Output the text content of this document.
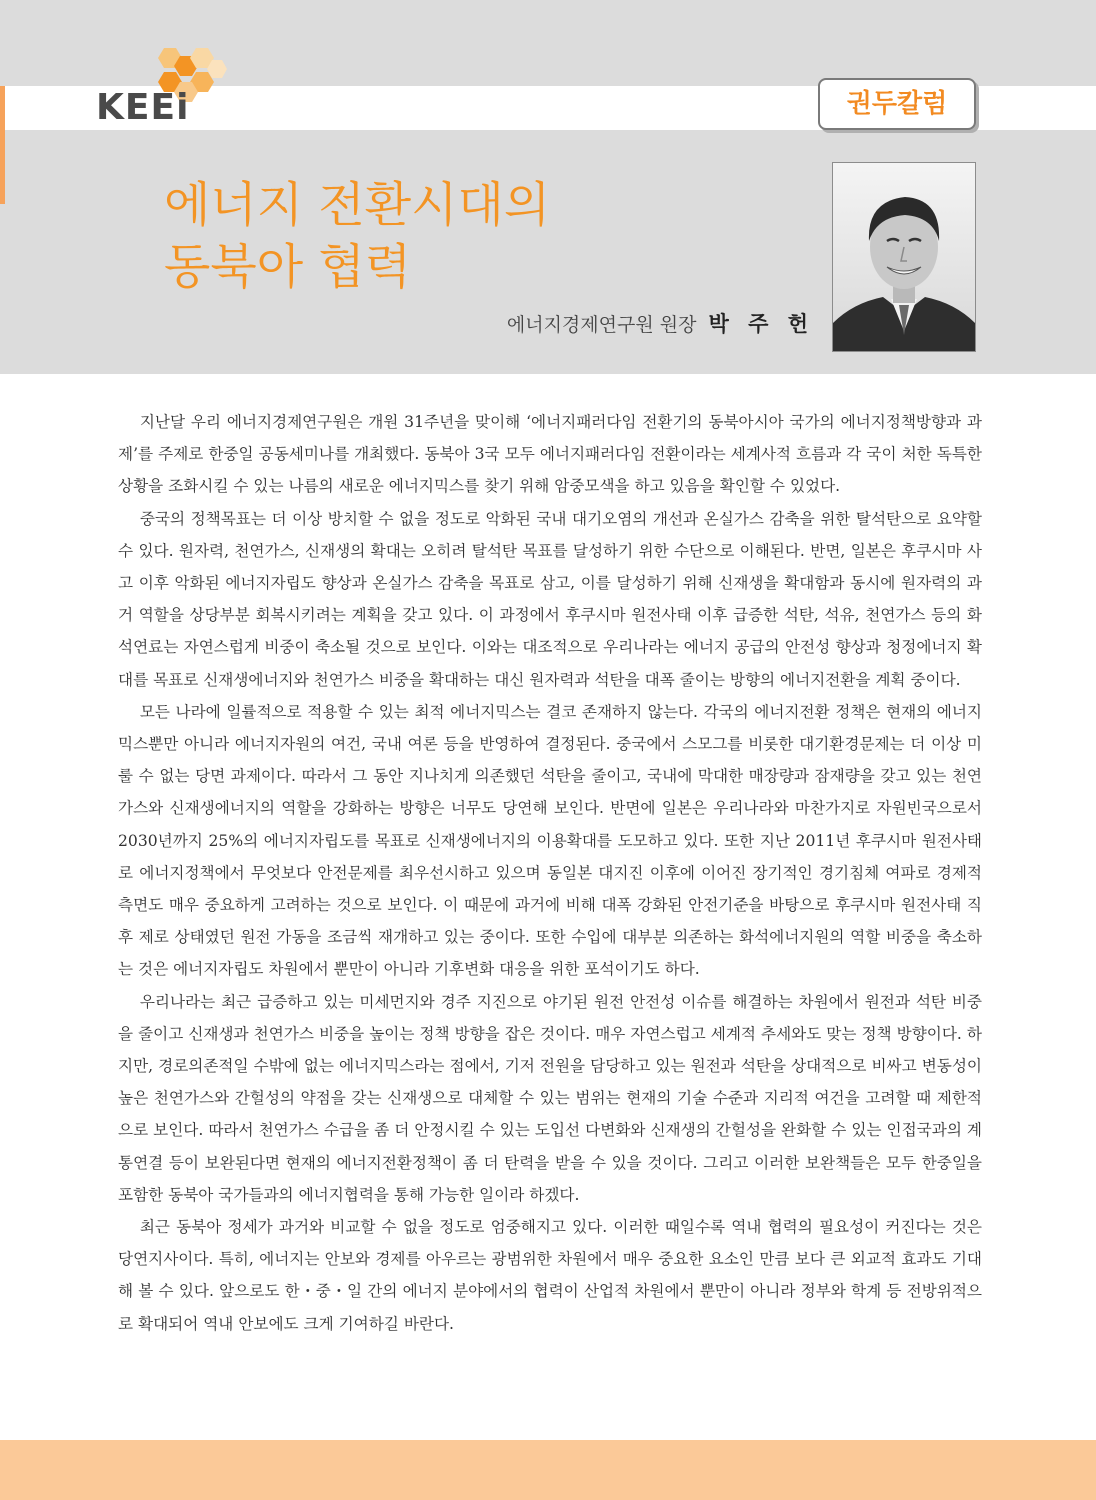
KEEi	권두칼럼
에너지 전환시대의
동북아 협력
에너지경제연구원 원장 박 주 헌

지난달 우리 에너지경제연구원은 개원 31주년을 맞이해 ‘에너지패러다임 전환기의 동북아시아 국가의 에너지정책방향과 과제’를 주제로 한중일 공동세미나를 개최했다. 동북아 3국 모두 에너지패러다임 전환이라는 세계사적 흐름과 각 국이 처한 독특한 상황을 조화시킬 수 있는 나름의 새로운 에너지믹스를 찾기 위해 암중모색을 하고 있음을 확인할 수 있었다.

중국의 정책목표는 더 이상 방치할 수 없을 정도로 악화된 국내 대기오염의 개선과 온실가스 감축을 위한 탈석탄으로 요약할 수 있다. 원자력, 천연가스, 신재생의 확대는 오히려 탈석탄 목표를 달성하기 위한 수단으로 이해된다. 반면, 일본은 후쿠시마 사고 이후 악화된 에너지자립도 향상과 온실가스 감축을 목표로 삼고, 이를 달성하기 위해 신재생을 확대함과 동시에 원자력의 과거 역할을 상당부분 회복시키려는 계획을 갖고 있다. 이 과정에서 후쿠시마 원전사태 이후 급증한 석탄, 석유, 천연가스 등의 화석연료는 자연스럽게 비중이 축소될 것으로 보인다. 이와는 대조적으로 우리나라는 에너지 공급의 안전성 향상과 청정에너지 확대를 목표로 신재생에너지와 천연가스 비중을 확대하는 대신 원자력과 석탄을 대폭 줄이는 방향의 에너지전환을 계획 중이다.

모든 나라에 일률적으로 적용할 수 있는 최적 에너지믹스는 결코 존재하지 않는다. 각국의 에너지전환 정책은 현재의 에너지믹스뿐만 아니라 에너지자원의 여건, 국내 여론 등을 반영하여 결정된다. 중국에서 스모그를 비롯한 대기환경문제는 더 이상 미룰 수 없는 당면 과제이다. 따라서 그 동안 지나치게 의존했던 석탄을 줄이고, 국내에 막대한 매장량과 잠재량을 갖고 있는 천연가스와 신재생에너지의 역할을 강화하는 방향은 너무도 당연해 보인다. 반면에 일본은 우리나라와 마찬가지로 자원빈국으로서 2030년까지 25%의 에너지자립도를 목표로 신재생에너지의 이용확대를 도모하고 있다. 또한 지난 2011년 후쿠시마 원전사태로 에너지정책에서 무엇보다 안전문제를 최우선시하고 있으며 동일본 대지진 이후에 이어진 장기적인 경기침체 여파로 경제적 측면도 매우 중요하게 고려하는 것으로 보인다. 이 때문에 과거에 비해 대폭 강화된 안전기준을 바탕으로 후쿠시마 원전사태 직후 제로 상태였던 원전 가동을 조금씩 재개하고 있는 중이다. 또한 수입에 대부분 의존하는 화석에너지원의 역할 비중을 축소하는 것은 에너지자립도 차원에서 뿐만이 아니라 기후변화 대응을 위한 포석이기도 하다.

우리나라는 최근 급증하고 있는 미세먼지와 경주 지진으로 야기된 원전 안전성 이슈를 해결하는 차원에서 원전과 석탄 비중을 줄이고 신재생과 천연가스 비중을 높이는 정책 방향을 잡은 것이다. 매우 자연스럽고 세계적 추세와도 맞는 정책 방향이다. 하지만, 경로의존적일 수밖에 없는 에너지믹스라는 점에서, 기저 전원을 담당하고 있는 원전과 석탄을 상대적으로 비싸고 변동성이 높은 천연가스와 간헐성의 약점을 갖는 신재생으로 대체할 수 있는 범위는 현재의 기술 수준과 지리적 여건을 고려할 때 제한적으로 보인다. 따라서 천연가스 수급을 좀 더 안정시킬 수 있는 도입선 다변화와 신재생의 간헐성을 완화할 수 있는 인접국과의 계통연결 등이 보완된다면 현재의 에너지전환정책이 좀 더 탄력을 받을 수 있을 것이다. 그리고 이러한 보완책들은 모두 한중일을 포함한 동북아 국가들과의 에너지협력을 통해 가능한 일이라 하겠다.

최근 동북아 정세가 과거와 비교할 수 없을 정도로 엄중해지고 있다. 이러한 때일수록 역내 협력의 필요성이 커진다는 것은 당연지사이다. 특히, 에너지는 안보와 경제를 아우르는 광범위한 차원에서 매우 중요한 요소인 만큼 보다 큰 외교적 효과도 기대해 볼 수 있다. 앞으로도 한・중・일 간의 에너지 분야에서의 협력이 산업적 차원에서 뿐만이 아니라 정부와 학계 등 전방위적으로 확대되어 역내 안보에도 크게 기여하길 바란다.
